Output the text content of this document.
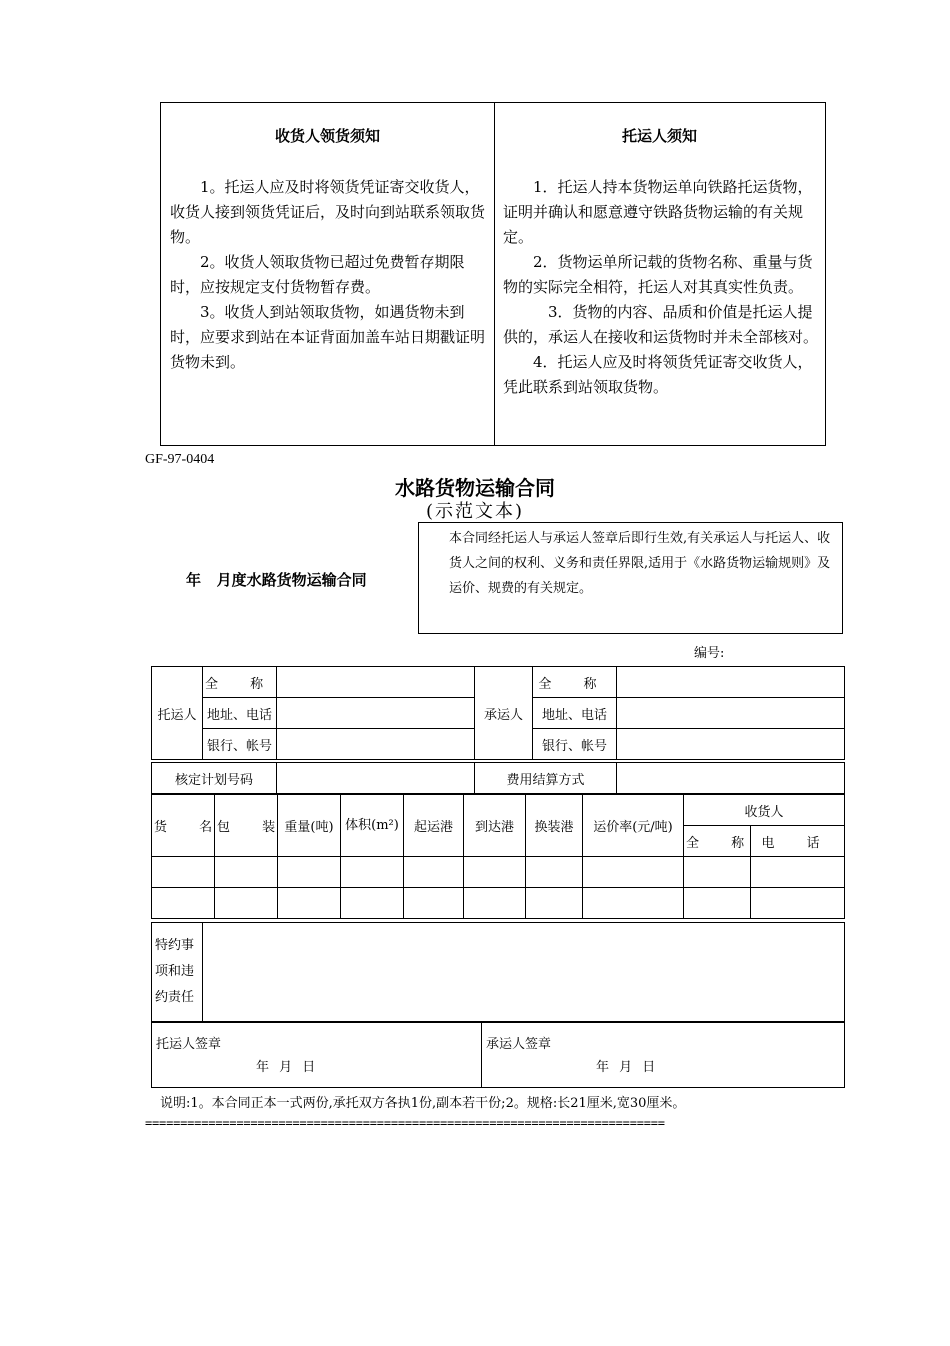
收货人领货须知

1。托运人应及时将领货凭证寄交收货人，收货人接到领货凭证后，及时向到站联系领取货物。

2。收货人领取货物已超过免费暂存期限时，应按规定支付货物暂存费。

3。收货人到站领取货物，如遇货物未到时，应要求到站在本证背面加盖车站日期戳证明货物未到。

托运人须知

1．托运人持本货物运单向铁路托运货物，证明并确认和愿意遵守铁路货物运输的有关规定。

2．货物运单所记载的货物名称、重量与货物的实际完全相符，托运人对其真实性负责。

3．货物的内容、品质和价值是托运人提供的，承运人在接收和运货物时并未全部核对。

4．托运人应及时将领货凭证寄交收货人，凭此联系到站领取货物。

GF-97-0404
水路货物运输合同
(示范文本)
年   月度水路货物运输合同
本合同经托运人与承运人签章后即行生效,有关承运人与托运人、收货人之间的权利、义务和责任界限,适用于《水路货物运输规则》及运价、规费的有关规定。
编号:
托运人	全 称		承运人	全 称	
	地址、电话			地址、电话	
	银行、帐号			银行、帐号	
核定计划号码		费用结算方式	
货 名	包 装	重量(吨)	体积(m²)	起运港	到达港	换装港	运价率(元/吨)	收货人	
								全 称	电 话

特约事项和违约责任	
托运人签章
年 月 日

承运人签章
年 月 日
说明:1。本合同正本一式两份,承托双方各执1份,副本若干份;2。规格:长21厘米,宽30厘米。
==========================================================================
